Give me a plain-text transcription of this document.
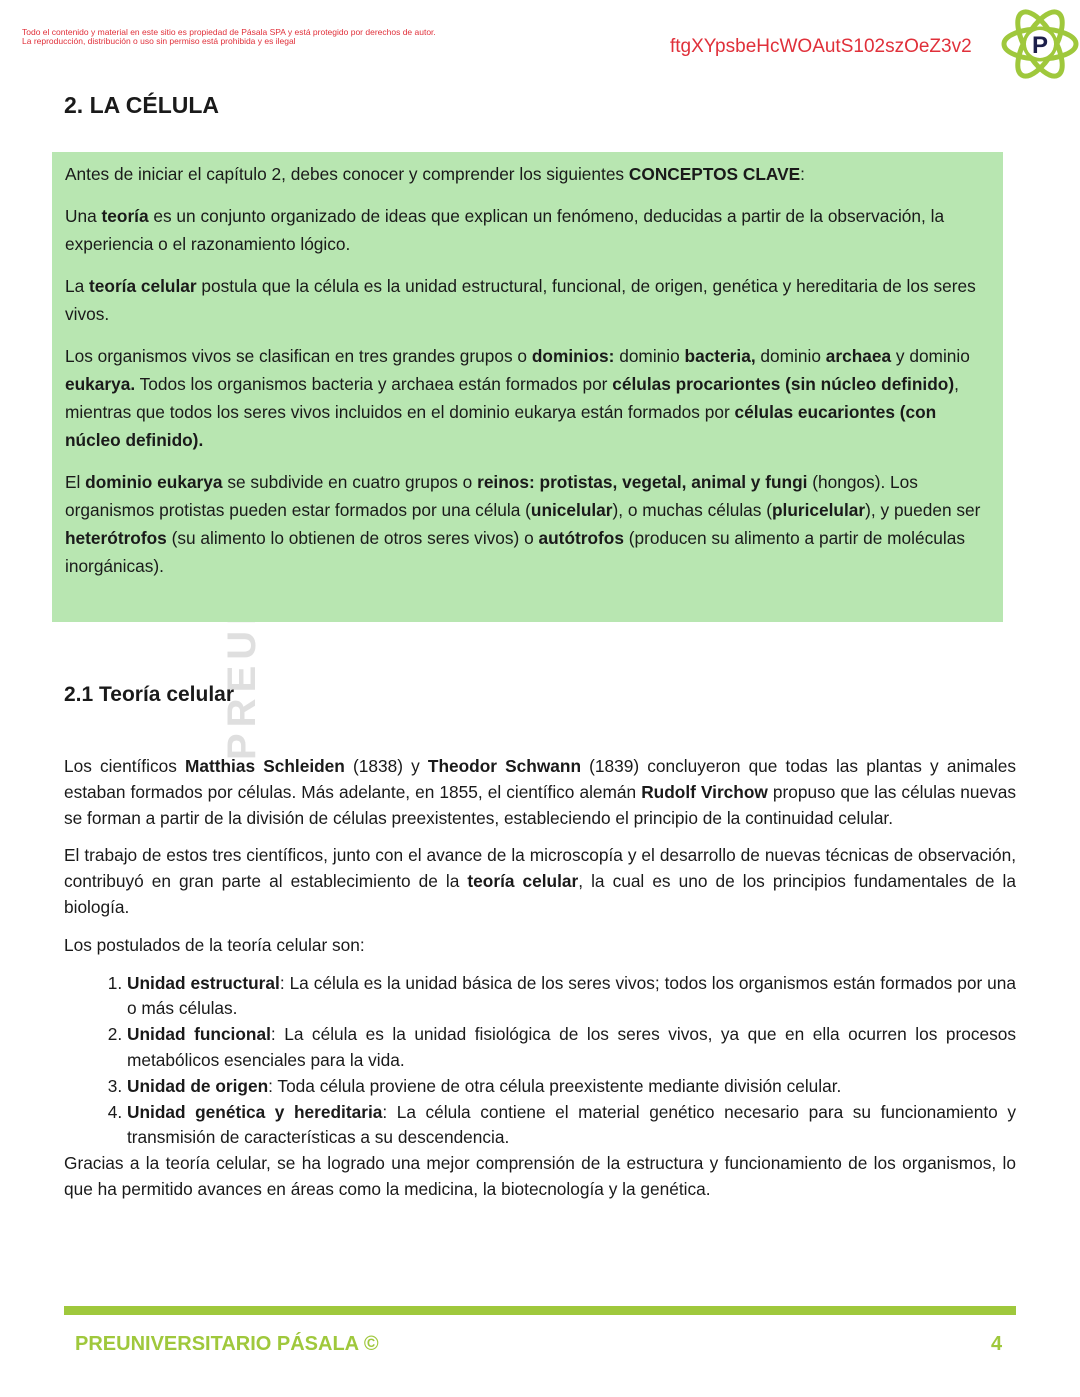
Todo el contenido y material en este sitio es propiedad de Pásala SPA y está protegido por derechos de autor.
La reproducción, distribución o uso sin permiso está prohibida y es ilegal	ftgXYpsbeHcWOAutS102szOeZ3v2	P
2. LA CÉLULA

Antes de iniciar el capítulo 2, debes conocer y comprender los siguientes CONCEPTOS CLAVE:

Una teoría es un conjunto organizado de ideas que explican un fenómeno, deducidas a partir de la observación, la experiencia o el razonamiento lógico.

La teoría celular postula que la célula es la unidad estructural, funcional, de origen, genética y hereditaria de los seres vivos.

Los organismos vivos se clasifican en tres grandes grupos o dominios: dominio bacteria, dominio archaea y dominio eukarya. Todos los organismos bacteria y archaea están formados por células procariontes (sin núcleo definido), mientras que todos los seres vivos incluidos en el dominio eukarya están formados por células eucariontes (con núcleo definido).

El dominio eukarya se subdivide en cuatro grupos o reinos: protistas, vegetal, animal y fungi (hongos). Los organismos protistas pueden estar formados por una célula (unicelular), o muchas células (pluricelular), y pueden ser heterótrofos (su alimento lo obtienen de otros seres vivos) o autótrofos (producen su alimento a partir de moléculas inorgánicas).

2.1 Teoría celular

Los científicos Matthias Schleiden (1838) y Theodor Schwann (1839) concluyeron que todas las plantas y animales estaban formados por células. Más adelante, en 1855, el científico alemán Rudolf Virchow propuso que las células nuevas se forman a partir de la división de células preexistentes, estableciendo el principio de la continuidad celular.

El trabajo de estos tres científicos, junto con el avance de la microscopía y el desarrollo de nuevas técnicas de observación, contribuyó en gran parte al establecimiento de la teoría celular, la cual es uno de los principios fundamentales de la biología.

Los postulados de la teoría celular son:

1. Unidad estructural: La célula es la unidad básica de los seres vivos; todos los organismos están formados por una o más células.
2. Unidad funcional: La célula es la unidad fisiológica de los seres vivos, ya que en ella ocurren los procesos metabólicos esenciales para la vida.
3. Unidad de origen: Toda célula proviene de otra célula preexistente mediante división celular.
4. Unidad genética y hereditaria: La célula contiene el material genético necesario para su funcionamiento y transmisión de características a su descendencia.

Gracias a la teoría celular, se ha logrado una mejor comprensión de la estructura y funcionamiento de los organismos, lo que ha permitido avances en áreas como la medicina, la biotecnología y la genética.

PREUNIVERSITARIO PÁSALA ©	4
